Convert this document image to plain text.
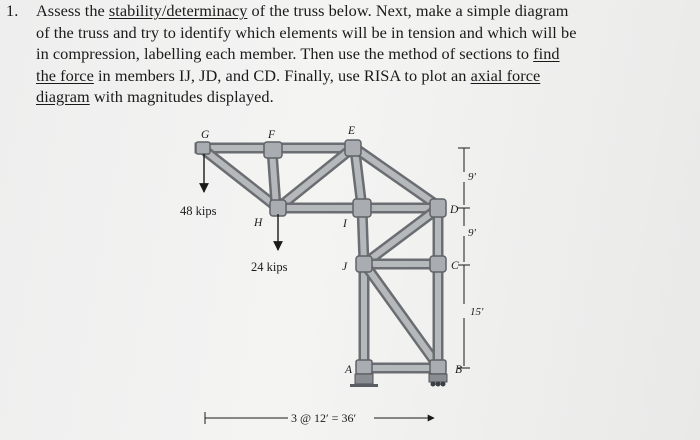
1. Assess the stability/determinacy of the truss below. Next, make a simple diagram
of the truss and try to identify which elements will be in tension and which will be
in compression, labelling each member. Then use the method of sections to find
the force in members IJ, JD, and CD. Finally, use RISA to plot an axial force
diagram with magnitudes displayed.
48 kips
24 kips
G	F	E
H	I
D
J	C
A	B
9'
9'
15'
3 @ 12′ = 36′
